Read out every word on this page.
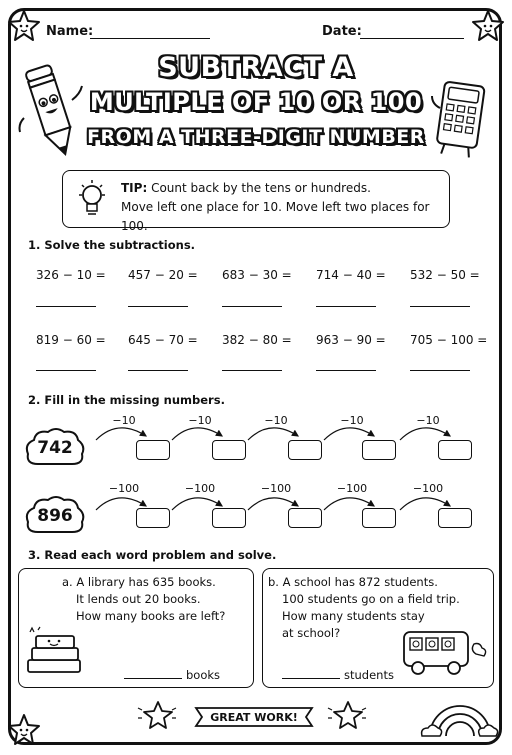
Name:	Date:
SUBTRACT A
MULTIPLE OF 10 OR 100
FROM A THREE-DIGIT NUMBER
TIP: Count back by the tens or hundreds.
Move left one place for 10. Move left two places for 100.
1. Solve the subtractions.
326 − 10 = 457 − 20 = 683 − 30 = 714 − 40 = 532 − 50 =
819 − 60 = 645 − 70 = 382 − 80 = 963 − 90 = 705 − 100 =
2. Fill in the missing numbers.
742
−10	−10	−10	−10	−10
896
−100	−100	−100	−100	−100
3. Read each word problem and solve.
a. A library has 635 books.
It lends out 20 books.
How many books are left?
books
b. A school has 872 students.
100 students go on a field trip.
How many students stay
at school?
students
GREAT WORK!
